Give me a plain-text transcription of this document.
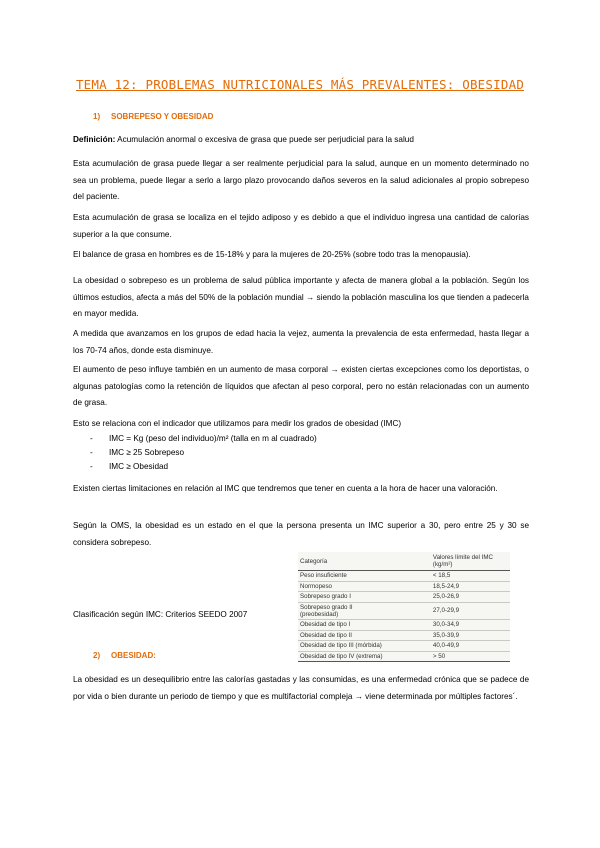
TEMA 12: PROBLEMAS NUTRICIONALES MÁS PREVALENTES: OBESIDAD
1) SOBREPESO Y OBESIDAD

Definición: Acumulación anormal o excesiva de grasa que puede ser perjudicial para la salud

Esta acumulación de grasa puede llegar a ser realmente perjudicial para la salud, aunque en un momento determinado no sea un problema, puede llegar a serlo a largo plazo provocando daños severos en la salud adicionales al propio sobrepeso del paciente.

Esta acumulación de grasa se localiza en el tejido adiposo y es debido a que el individuo ingresa una cantidad de calorías superior a la que consume.

El balance de grasa en hombres es de 15-18% y para la mujeres de 20-25% (sobre todo tras la menopausia).

La obesidad o sobrepeso es un problema de salud pública importante y afecta de manera global a la población. Según los últimos estudios, afecta a más del 50% de la población mundial → siendo la población masculina los que tienden a padecerla en mayor medida.

A medida que avanzamos en los grupos de edad hacia la vejez, aumenta la prevalencia de esta enfermedad, hasta llegar a los 70-74 años, donde esta disminuye.

El aumento de peso influye también en un aumento de masa corporal → existen ciertas excepciones como los deportistas, o algunas patologías como la retención de líquidos que afectan al peso corporal, pero no están relacionadas con un aumento de grasa.

Esto se relaciona con el indicador que utilizamos para medir los grados de obesidad (IMC)

- IMC = Kg (peso del individuo)/m² (talla en m al cuadrado)
- IMC ≥ 25 Sobrepeso
- IMC ≥ Obesidad

Existen ciertas limitaciones en relación al IMC que tendremos que tener en cuenta a la hora de hacer una valoración.

Según la OMS, la obesidad es un estado en el que la persona presenta un IMC superior a 30, pero entre 25 y 30 se considera sobrepeso.

Clasificación según IMC: Criterios SEEDO 2007
Categoría	Valores límite del IMC (kg/m²)
Peso insuficiente	< 18,5
Normopeso	18,5-24,9
Sobrepeso grado I	25,0-26,9
Sobrepeso grado II (preobesidad)	27,0-29,9
Obesidad de tipo I	30,0-34,9
Obesidad de tipo II	35,0-39,9
Obesidad de tipo III (mórbida)	40,0-49,9
Obesidad de tipo IV (extrema)	> 50
2) OBESIDAD:

La obesidad es un desequilibrio entre las calorías gastadas y las consumidas, es una enfermedad crónica que se padece de por vida o bien durante un periodo de tiempo y que es multifactorial compleja → viene determinada por múltiples factores´.
